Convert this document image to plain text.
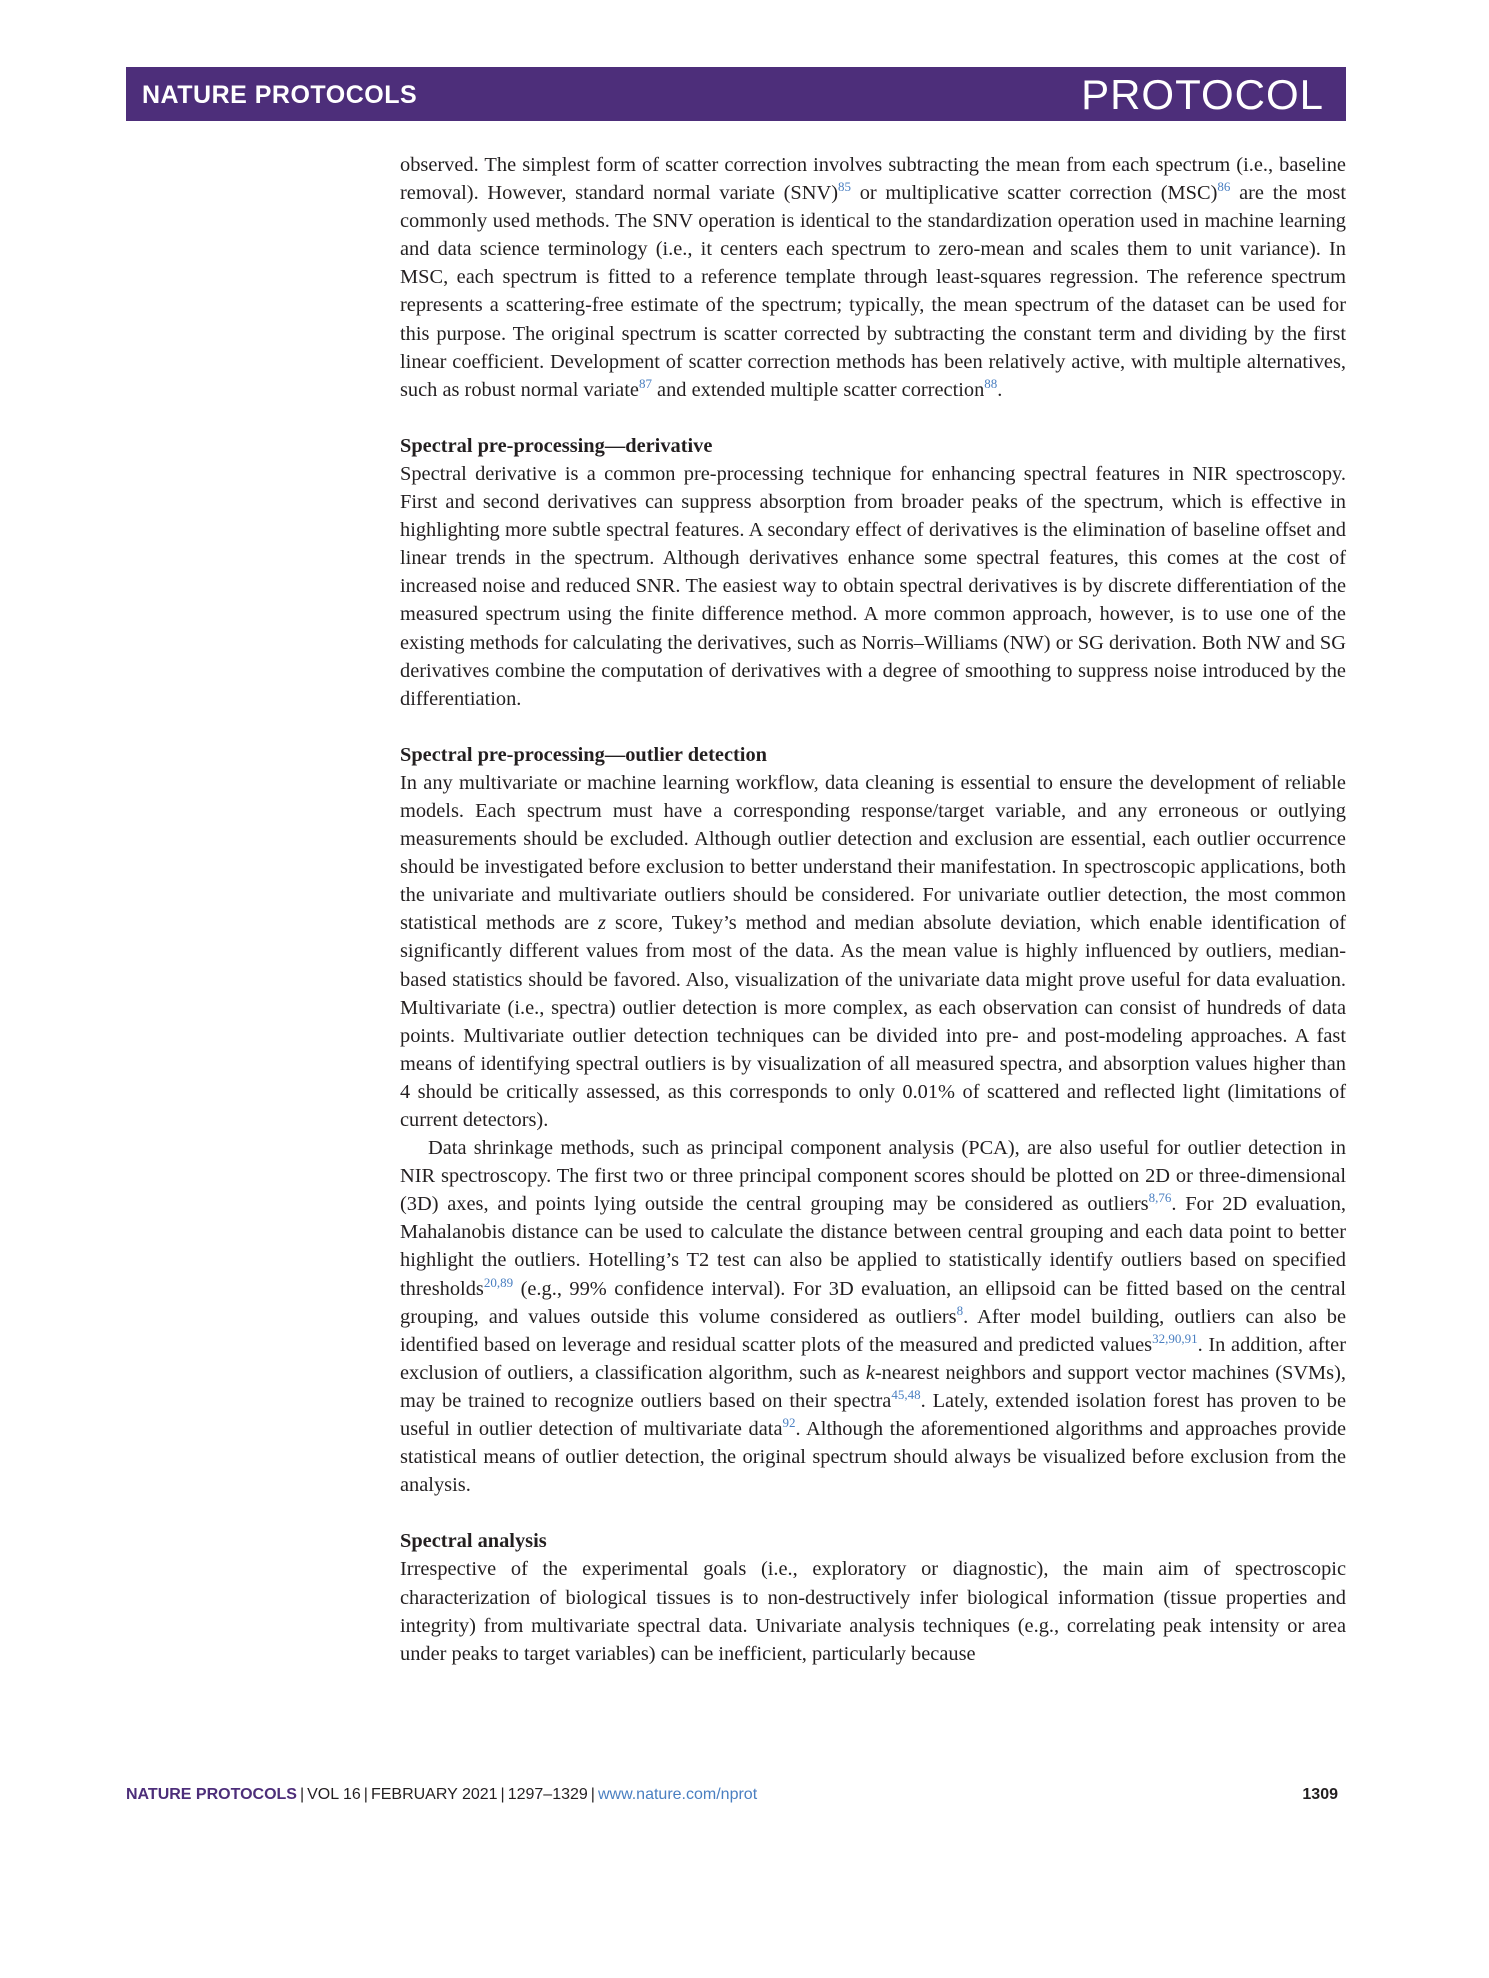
NATURE PROTOCOLS	PROTOCOL

observed. The simplest form of scatter correction involves subtracting the mean from each spectrum (i.e., baseline removal). However, standard normal variate (SNV)$^{85}$ or multiplicative scatter correction (MSC)$^{86}$ are the most commonly used methods. The SNV operation is identical to the standardization operation used in machine learning and data science terminology (i.e., it centers each spectrum to zero-mean and scales them to unit variance). In MSC, each spectrum is fitted to a reference template through least-squares regression. The reference spectrum represents a scattering-free estimate of the spectrum; typically, the mean spectrum of the dataset can be used for this purpose. The original spectrum is scatter corrected by subtracting the constant term and dividing by the first linear coefficient. Development of scatter correction methods has been relatively active, with multiple alternatives, such as robust normal variate$^{87}$ and extended multiple scatter correction$^{88}$.

Spectral pre-processing—derivative

Spectral derivative is a common pre-processing technique for enhancing spectral features in NIR spectroscopy. First and second derivatives can suppress absorption from broader peaks of the spectrum, which is effective in highlighting more subtle spectral features. A secondary effect of derivatives is the elimination of baseline offset and linear trends in the spectrum. Although derivatives enhance some spectral features, this comes at the cost of increased noise and reduced SNR. The easiest way to obtain spectral derivatives is by discrete differentiation of the measured spectrum using the finite difference method. A more common approach, however, is to use one of the existing methods for calculating the derivatives, such as Norris–Williams (NW) or SG derivation. Both NW and SG derivatives combine the computation of derivatives with a degree of smoothing to suppress noise introduced by the differentiation.

Spectral pre-processing—outlier detection

In any multivariate or machine learning workflow, data cleaning is essential to ensure the development of reliable models. Each spectrum must have a corresponding response/target variable, and any erroneous or outlying measurements should be excluded. Although outlier detection and exclusion are essential, each outlier occurrence should be investigated before exclusion to better understand their manifestation. In spectroscopic applications, both the univariate and multivariate outliers should be considered. For univariate outlier detection, the most common statistical methods are z score, Tukey’s method and median absolute deviation, which enable identification of significantly different values from most of the data. As the mean value is highly influenced by outliers, median-based statistics should be favored. Also, visualization of the univariate data might prove useful for data evaluation. Multivariate (i.e., spectra) outlier detection is more complex, as each observation can consist of hundreds of data points. Multivariate outlier detection techniques can be divided into pre- and post-modeling approaches. A fast means of identifying spectral outliers is by visualization of all measured spectra, and absorption values higher than 4 should be critically assessed, as this corresponds to only 0.01% of scattered and reflected light (limitations of current detectors).

Data shrinkage methods, such as principal component analysis (PCA), are also useful for outlier detection in NIR spectroscopy. The first two or three principal component scores should be plotted on 2D or three-dimensional (3D) axes, and points lying outside the central grouping may be considered as outliers$^{8,76}$. For 2D evaluation, Mahalanobis distance can be used to calculate the distance between central grouping and each data point to better highlight the outliers. Hotelling’s T2 test can also be applied to statistically identify outliers based on specified thresholds$^{20,89}$ (e.g., 99% confidence interval). For 3D evaluation, an ellipsoid can be fitted based on the central grouping, and values outside this volume considered as outliers$^8$. After model building, outliers can also be identified based on leverage and residual scatter plots of the measured and predicted values$^{32,90,91}$. In addition, after exclusion of outliers, a classification algorithm, such as k-nearest neighbors and support vector machines (SVMs), may be trained to recognize outliers based on their spectra$^{45,48}$. Lately, extended isolation forest has proven to be useful in outlier detection of multivariate data$^{92}$. Although the aforementioned algorithms and approaches provide statistical means of outlier detection, the original spectrum should always be visualized before exclusion from the analysis.

Spectral analysis

Irrespective of the experimental goals (i.e., exploratory or diagnostic), the main aim of spectroscopic characterization of biological tissues is to non-destructively infer biological information (tissue properties and integrity) from multivariate spectral data. Univariate analysis techniques (e.g., correlating peak intensity or area under peaks to target variables) can be inefficient, particularly because

NATURE PROTOCOLS | VOL 16 | FEBRUARY 2021 | 1297–1329 | www.nature.com/nprot	1309
